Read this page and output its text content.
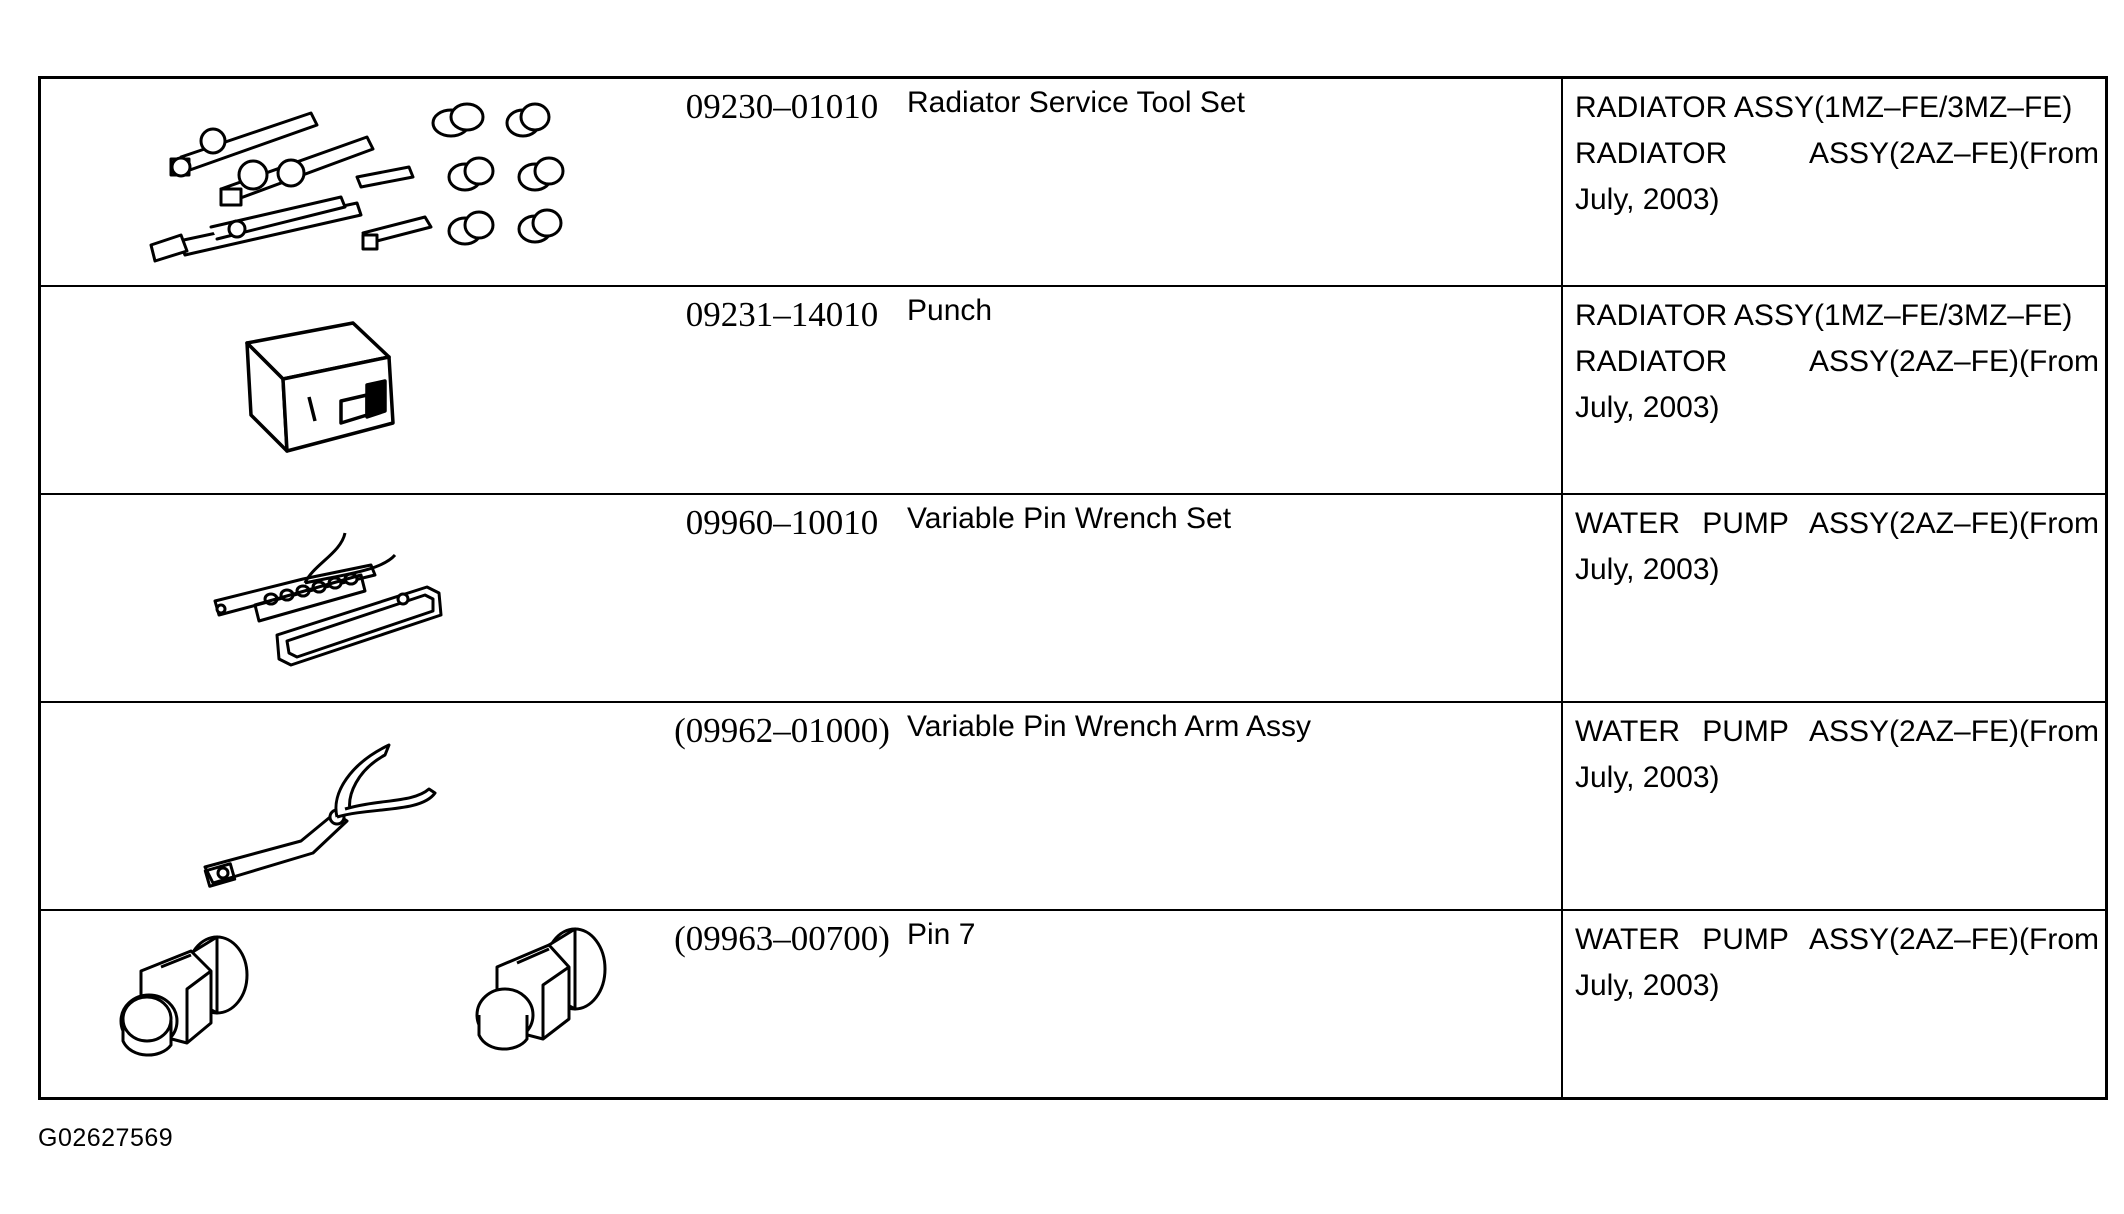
09230–01010 Radiator Service Tool Set	RADIATOR ASSY(1MZ–FE/3MZ–FE)
RADIATOR ASSY(2AZ–FE)(From
July, 2003)
09231–14010 Punch	RADIATOR ASSY(1MZ–FE/3MZ–FE)
RADIATOR ASSY(2AZ–FE)(From
July, 2003)
09960–10010 Variable Pin Wrench Set	WATER PUMP ASSY(2AZ–FE)(From
July, 2003)
(09962–01000) Variable Pin Wrench Arm Assy	WATER PUMP ASSY(2AZ–FE)(From
July, 2003)
(09963–00700) Pin 7	WATER PUMP ASSY(2AZ–FE)(From
July, 2003)
G02627569
